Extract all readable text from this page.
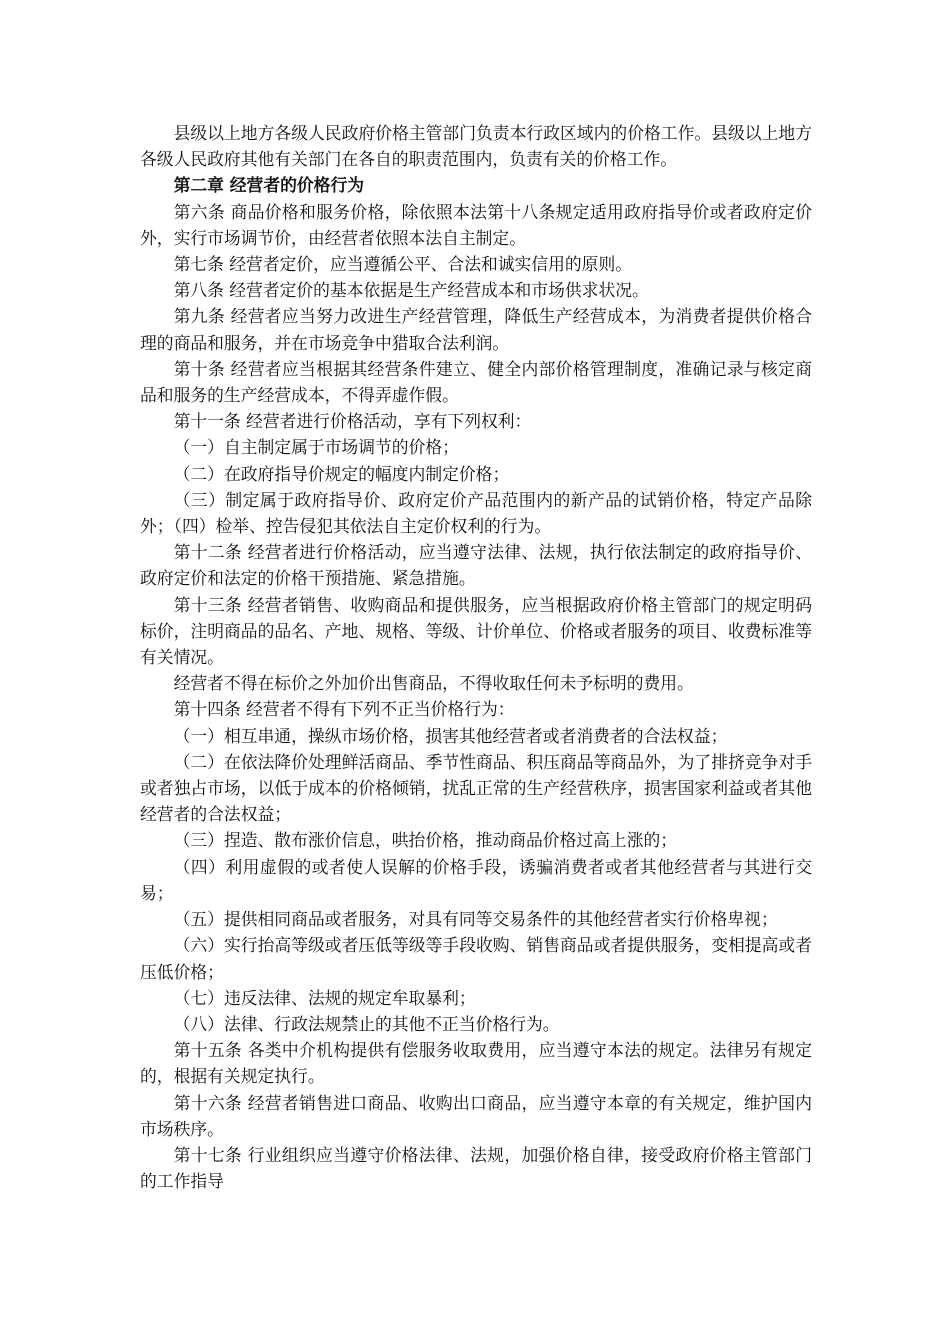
县级以上地方各级人民政府价格主管部门负责本行政区域内的价格工作。县级以上地方各级人民政府其他有关部门在各自的职责范围内，负责有关的价格工作。

第二章 经营者的价格行为

第六条 商品价格和服务价格，除依照本法第十八条规定适用政府指导价或者政府定价外，实行市场调节价，由经营者依照本法自主制定。

第七条 经营者定价，应当遵循公平、合法和诚实信用的原则。

第八条 经营者定价的基本依据是生产经营成本和市场供求状况。

第九条 经营者应当努力改进生产经营管理，降低生产经营成本，为消费者提供价格合理的商品和服务，并在市场竞争中猎取合法利润。

第十条 经营者应当根据其经营条件建立、健全内部价格管理制度，准确记录与核定商品和服务的生产经营成本，不得弄虚作假。

第十一条 经营者进行价格活动，享有下列权利：

（一）自主制定属于市场调节的价格；

（二）在政府指导价规定的幅度内制定价格；

（三）制定属于政府指导价、政府定价产品范围内的新产品的试销价格，特定产品除外；（四）检举、控告侵犯其依法自主定价权利的行为。

第十二条 经营者进行价格活动，应当遵守法律、法规，执行依法制定的政府指导价、政府定价和法定的价格干预措施、紧急措施。

第十三条 经营者销售、收购商品和提供服务，应当根据政府价格主管部门的规定明码标价，注明商品的品名、产地、规格、等级、计价单位、价格或者服务的项目、收费标准等有关情况。

经营者不得在标价之外加价出售商品，不得收取任何未予标明的费用。

第十四条 经营者不得有下列不正当价格行为：

（一）相互串通，操纵市场价格，损害其他经营者或者消费者的合法权益；

（二）在依法降价处理鲜活商品、季节性商品、积压商品等商品外，为了排挤竞争对手或者独占市场，以低于成本的价格倾销，扰乱正常的生产经营秩序，损害国家利益或者其他经营者的合法权益；

（三）捏造、散布涨价信息，哄抬价格，推动商品价格过高上涨的；

（四）利用虚假的或者使人误解的价格手段，诱骗消费者或者其他经营者与其进行交易；

（五）提供相同商品或者服务，对具有同等交易条件的其他经营者实行价格卑视；

（六）实行抬高等级或者压低等级等手段收购、销售商品或者提供服务，变相提高或者压低价格；

（七）违反法律、法规的规定牟取暴利；

（八）法律、行政法规禁止的其他不正当价格行为。

第十五条 各类中介机构提供有偿服务收取费用，应当遵守本法的规定。法律另有规定的，根据有关规定执行。

第十六条 经营者销售进口商品、收购出口商品，应当遵守本章的有关规定，维护国内市场秩序。

第十七条 行业组织应当遵守价格法律、法规，加强价格自律，接受政府价格主管部门的工作指导
